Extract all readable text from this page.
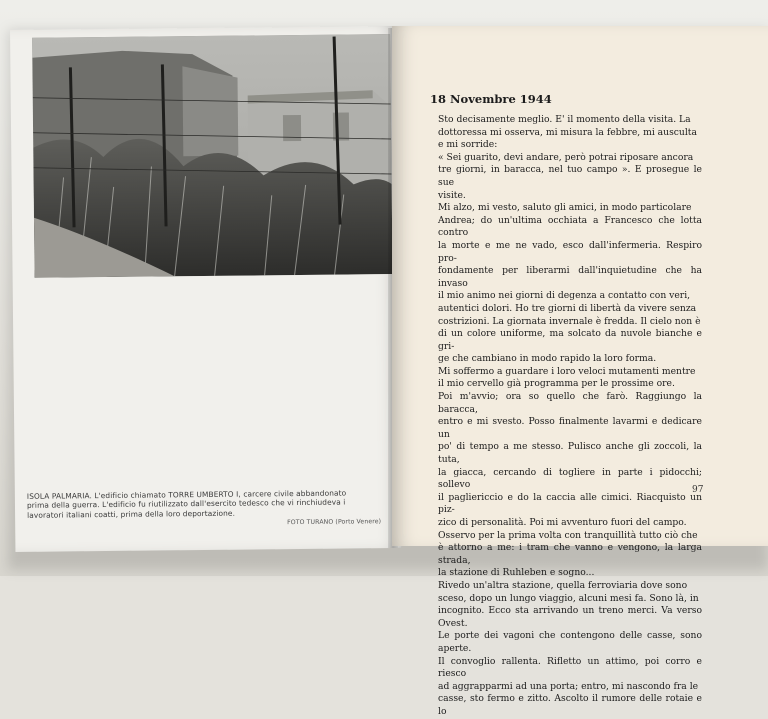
ISOLA PALMARIA. L'edificio chiamato TORRE UMBERTO I, carcere civile abbandonato

prima della guerra. L'edificio fu riutilizzato dall'esercito tedesco che vi rinchiudeva i

lavoratori italiani coatti, prima della loro deportazione.

FOTO TURANO (Porto Venere)
18 Novembre 1944

Sto decisamente meglio. E' il momento della visita. La

dottoressa mi osserva, mi misura la febbre, mi ausculta

e mi sorride:

« Sei guarito, devi andare, però potrai riposare ancora

tre giorni, in baracca, nel tuo campo ». E prosegue le sue

visite.

Mi alzo, mi vesto, saluto gli amici, in modo particolare

Andrea; do un'ultima occhiata a Francesco che lotta contro

la morte e me ne vado, esco dall'infermeria. Respiro pro-

fondamente per liberarmi dall'inquietudine che ha invaso

il mio animo nei giorni di degenza a contatto con veri,

autentici dolori. Ho tre giorni di libertà da vivere senza

costrizioni. La giornata invernale è fredda. Il cielo non è

di un colore uniforme, ma solcato da nuvole bianche e gri-

ge che cambiano in modo rapido la loro forma.

Mi soffermo a guardare i loro veloci mutamenti mentre

il mio cervello già programma per le prossime ore.

Poi m'avvio; ora so quello che farò. Raggiungo la baracca,

entro e mi svesto. Posso finalmente lavarmi e dedicare un

po' di tempo a me stesso. Pulisco anche gli zoccoli, la tuta,

la giacca, cercando di togliere in parte i pidocchi; sollevo

il pagliericcio e do la caccia alle cimici. Riacquisto un piz-

zico di personalità. Poi mi avventuro fuori del campo.

Osservo per la prima volta con tranquillità tutto ciò che

è attorno a me: i tram che vanno e vengono, la larga strada,

la stazione di Ruhleben e sogno...

Rivedo un'altra stazione, quella ferroviaria dove sono

sceso, dopo un lungo viaggio, alcuni mesi fa. Sono là, in

incognito. Ecco sta arrivando un treno merci. Va verso Ovest.

Le porte dei vagoni che contengono delle casse, sono aperte.

Il convoglio rallenta. Rifletto un attimo, poi corro e riesco

ad aggrapparmi ad una porta; entro, mi nascondo fra le

casse, sto fermo e zitto. Ascolto il rumore delle rotaie e lo

97
